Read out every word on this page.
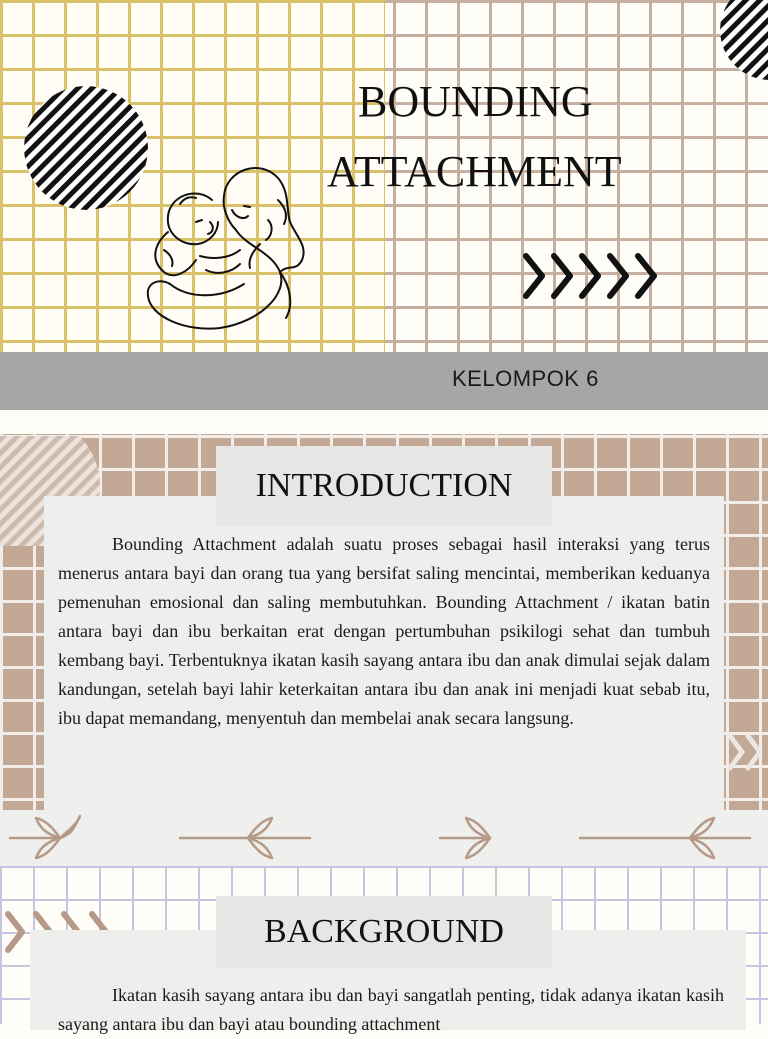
BOUNDING
ATTACHMENT
KELOMPOK 6
INTRODUCTION
Bounding Attachment adalah suatu proses sebagai hasil interaksi yang terus menerus antara bayi dan orang tua yang bersifat saling mencintai, memberikan keduanya pemenuhan emosional dan saling membutuhkan. Bounding Attachment / ikatan batin antara bayi dan ibu berkaitan erat dengan pertumbuhan psikilogi sehat dan tumbuh kembang bayi. Terbentuknya ikatan kasih sayang antara ibu dan anak dimulai sejak dalam kandungan, setelah bayi lahir keterkaitan antara ibu dan anak ini menjadi kuat sebab itu, ibu dapat memandang, menyentuh dan membelai anak secara langsung.
BACKGROUND
Ikatan kasih sayang antara ibu dan bayi sangatlah penting, tidak adanya ikatan kasih sayang antara ibu dan bayi atau bounding attachment
